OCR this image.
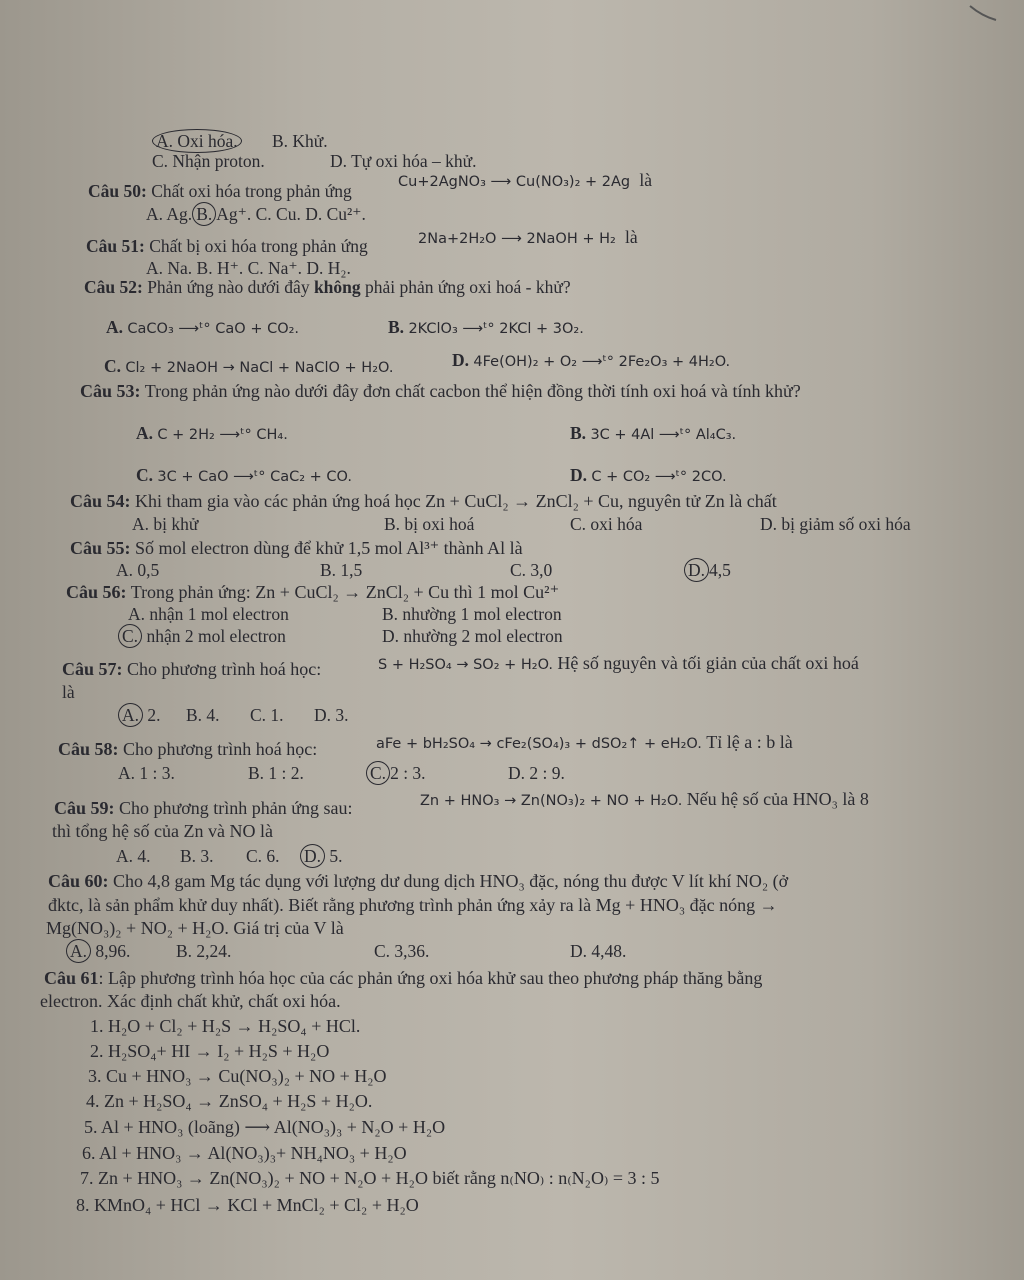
A. Oxi hóa. B. Khử.
C. Nhận proton.	D. Tự oxi hóa – khử.
Câu 50: Chất oxi hóa trong phản ứng	Cu+2AgNO₃ ⟶ Cu(NO₃)₂ + 2Ag là
A. Ag. B. Ag⁺. C. Cu. D. Cu²⁺.
Câu 51: Chất bị oxi hóa trong phản ứng	2Na+2H₂O ⟶ 2NaOH + H₂ là
A. Na. B. H⁺. C. Na⁺. D. H₂.
Câu 52: Phản ứng nào dưới đây không phải phản ứng oxi hoá - khử?
A. CaCO₃ ⟶ᵗ° CaO + CO₂.	B. 2KClO₃ ⟶ᵗ° 2KCl + 3O₂.
C. Cl₂ + 2NaOH → NaCl + NaClO + H₂O.	D. 4Fe(OH)₂ + O₂ ⟶ᵗ° 2Fe₂O₃ + 4H₂O.
Câu 53: Trong phản ứng nào dưới đây đơn chất cacbon thể hiện đồng thời tính oxi hoá và tính khử?
A. C + 2H₂ ⟶ᵗ° CH₄.	B. 3C + 4Al ⟶ᵗ° Al₄C₃.
C. 3C + CaO ⟶ᵗ° CaC₂ + CO.	D. C + CO₂ ⟶ᵗ° 2CO.
Câu 54: Khi tham gia vào các phản ứng hoá học Zn + CuCl₂ → ZnCl₂ + Cu, nguyên tử Zn là chất
A. bị khử	B. bị oxi hoá	C. oxi hóa	D. bị giảm số oxi hóa
Câu 55: Số mol electron dùng để khử 1,5 mol Al³⁺ thành Al là
A. 0,5	B. 1,5	C. 3,0	D. 4,5
Câu 56: Trong phản ứng: Zn + CuCl₂ → ZnCl₂ + Cu thì 1 mol Cu²⁺
A. nhận 1 mol electron	B. nhường 1 mol electron
C. nhận 2 mol electron	D. nhường 2 mol electron
Câu 57: Cho phương trình hoá học:	S + H₂SO₄ → SO₂ + H₂O. Hệ số nguyên và tối giản của chất oxi hoá
là
A. 2. B. 4. C. 1. D. 3.
Câu 58: Cho phương trình hoá học:	aFe + bH₂SO₄ → cFe₂(SO₄)₃ + dSO₂↑ + eH₂O. Tỉ lệ a : b là
A. 1 : 3.	B. 1 : 2.	C. 2 : 3.	D. 2 : 9.
Câu 59: Cho phương trình phản ứng sau:	Zn + HNO₃ → Zn(NO₃)₂ + NO + H₂O. Nếu hệ số của HNO₃ là 8
thì tổng hệ số của Zn và NO là
A. 4. B. 3. C. 6. D. 5.
Câu 60: Cho 4,8 gam Mg tác dụng với lượng dư dung dịch HNO₃ đặc, nóng thu được V lít khí NO₂ (ở
đktc, là sản phẩm khử duy nhất). Biết rằng phương trình phản ứng xảy ra là Mg + HNO₃ đặc nóng →
Mg(NO₃)₂ + NO₂ + H₂O. Giá trị của V là
A. 8,96.	B. 2,24.	C. 3,36.	D. 4,48.
Câu 61: Lập phương trình hóa học của các phản ứng oxi hóa khử sau theo phương pháp thăng bằng
electron. Xác định chất khử, chất oxi hóa.
1. H₂O + Cl₂ + H₂S → H₂SO₄ + HCl.
2. H₂SO₄+ HI → I₂ + H₂S + H₂O
3. Cu + HNO₃ → Cu(NO₃)₂ + NO + H₂O
4. Zn + H₂SO₄ → ZnSO₄ + H₂S + H₂O.
5. Al + HNO₃ (loãng) ⟶ Al(NO₃)₃ + N₂O + H₂O
6. Al + HNO₃ → Al(NO₃)₃+ NH₄NO₃ + H₂O
7. Zn + HNO₃ → Zn(NO₃)₂ + NO + N₂O + H₂O biết rằng n₍NO₎ : n₍N₂O₎ = 3 : 5
8. KMnO₄ + HCl → KCl + MnCl₂ + Cl₂ + H₂O
